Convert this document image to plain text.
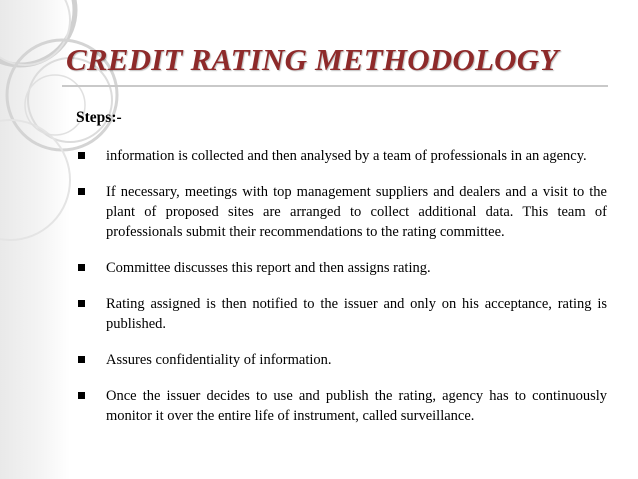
CREDIT RATING METHODOLOGY

Steps:-

information is collected and then analysed by a team of professionals in an agency.
If necessary, meetings with top management suppliers and dealers and a visit to the plant of proposed sites are arranged to collect additional data. This team of professionals submit their recommendations to the rating committee.
Committee discusses this report and then assigns rating.
Rating assigned is then notified to the issuer and only on his acceptance, rating is published.
Assures confidentiality of information.
Once the issuer decides to use and publish the rating, agency has to continuously monitor it over the entire life of instrument, called surveillance.
